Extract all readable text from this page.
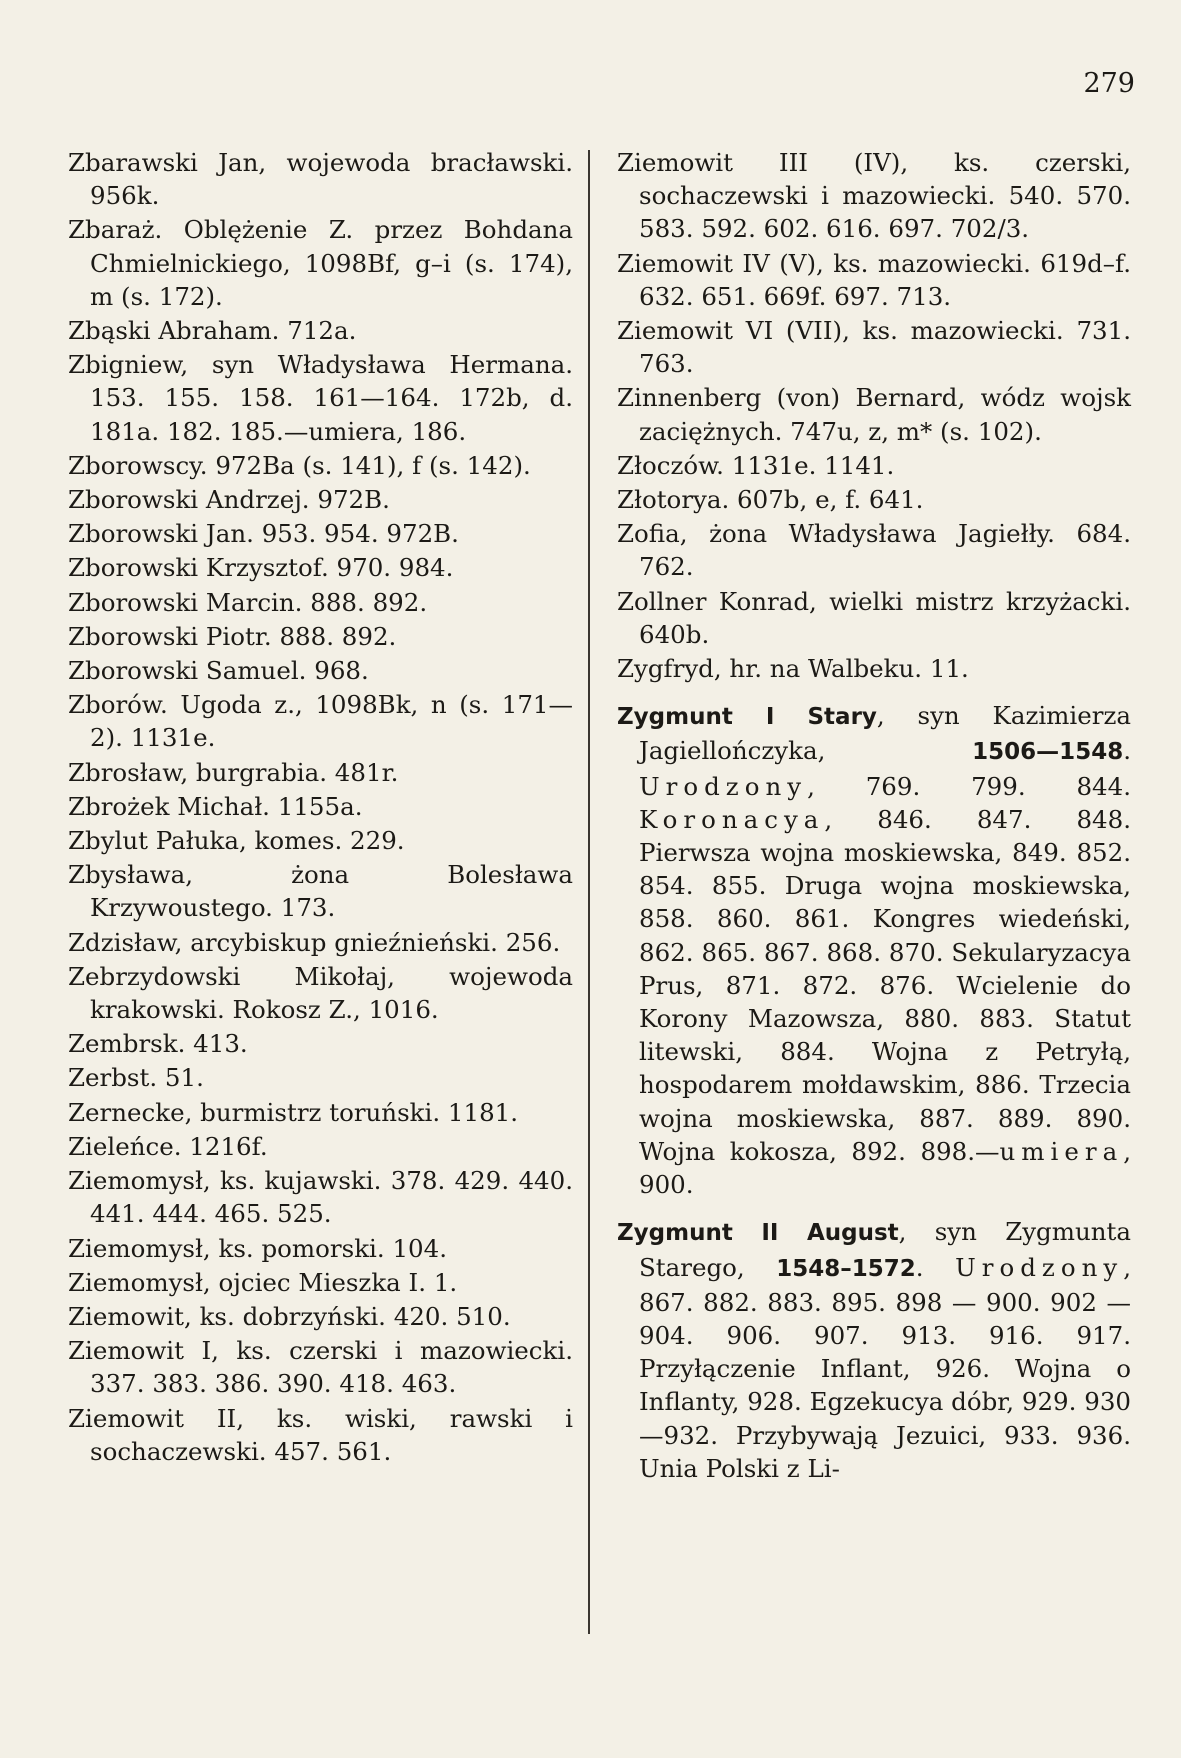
279

Zbarawski Jan, wojewoda bracławski. 956k.

Zbaraż. Oblężenie Z. przez Bohdana Chmielnickiego, 1098Bf, g–i (s. 174), m (s. 172).

Zbąski Abraham. 712a.

Zbigniew, syn Władysława Hermana. 153. 155. 158. 161—164. 172b, d. 181a. 182. 185.—umiera, 186.

Zborowscy. 972Ba (s. 141), f (s. 142).

Zborowski Andrzej. 972B.

Zborowski Jan. 953. 954. 972B.

Zborowski Krzysztof. 970. 984.

Zborowski Marcin. 888. 892.

Zborowski Piotr. 888. 892.

Zborowski Samuel. 968.

Zborów. Ugoda z., 1098Bk, n (s. 171—2). 1131e.

Zbrosław, burgrabia. 481r.

Zbrożek Michał. 1155a.

Zbylut Pałuka, komes. 229.

Zbysława, żona Bolesława Krzywoustego. 173.

Zdzisław, arcybiskup gnieźnieński. 256.

Zebrzydowski Mikołaj, wojewoda krakowski. Rokosz Z., 1016.

Zembrsk. 413.

Zerbst. 51.

Zernecke, burmistrz toruński. 1181.

Zieleńce. 1216f.

Ziemomysł, ks. kujawski. 378. 429. 440. 441. 444. 465. 525.

Ziemomysł, ks. pomorski. 104.

Ziemomysł, ojciec Mieszka I. 1.

Ziemowit, ks. dobrzyński. 420. 510.

Ziemowit I, ks. czerski i mazowiecki. 337. 383. 386. 390. 418. 463.

Ziemowit II, ks. wiski, rawski i sochaczewski. 457. 561.

Ziemowit III (IV), ks. czerski, sochaczewski i mazowiecki. 540. 570. 583. 592. 602. 616. 697. 702/3.

Ziemowit IV (V), ks. mazowiecki. 619d–f. 632. 651. 669f. 697. 713.

Ziemowit VI (VII), ks. mazowiecki. 731. 763.

Zinnenberg (von) Bernard, wódz wojsk zaciężnych. 747u, z, m* (s. 102).

Złoczów. 1131e. 1141.

Złotorya. 607b, e, f. 641.

Zofia, żona Władysława Jagiełły. 684. 762.

Zollner Konrad, wielki mistrz krzyżacki. 640b.

Zygfryd, hr. na Walbeku. 11.

Zygmunt I Stary, syn Kazimierza Jagiellończyka, 1506—1548. Urodzony, 769. 799. 844. Koronacya, 846. 847. 848. Pierwsza wojna moskiewska, 849. 852. 854. 855. Druga wojna moskiewska, 858. 860. 861. Kongres wiedeński, 862. 865. 867. 868. 870. Sekularyzacya Prus, 871. 872. 876. Wcielenie do Korony Mazowsza, 880. 883. Statut litewski, 884. Wojna z Petryłą, hospodarem mołdawskim, 886. Trzecia wojna moskiewska, 887. 889. 890. Wojna kokosza, 892. 898.—umiera, 900.

Zygmunt II August, syn Zygmunta Starego, 1548–1572. Urodzony, 867. 882. 883. 895. 898 — 900. 902 — 904. 906. 907. 913. 916. 917. Przyłączenie Inflant, 926. Wojna o Inflanty, 928. Egzekucya dóbr, 929. 930—932. Przybywają Jezuici, 933. 936. Unia Polski z Li-
